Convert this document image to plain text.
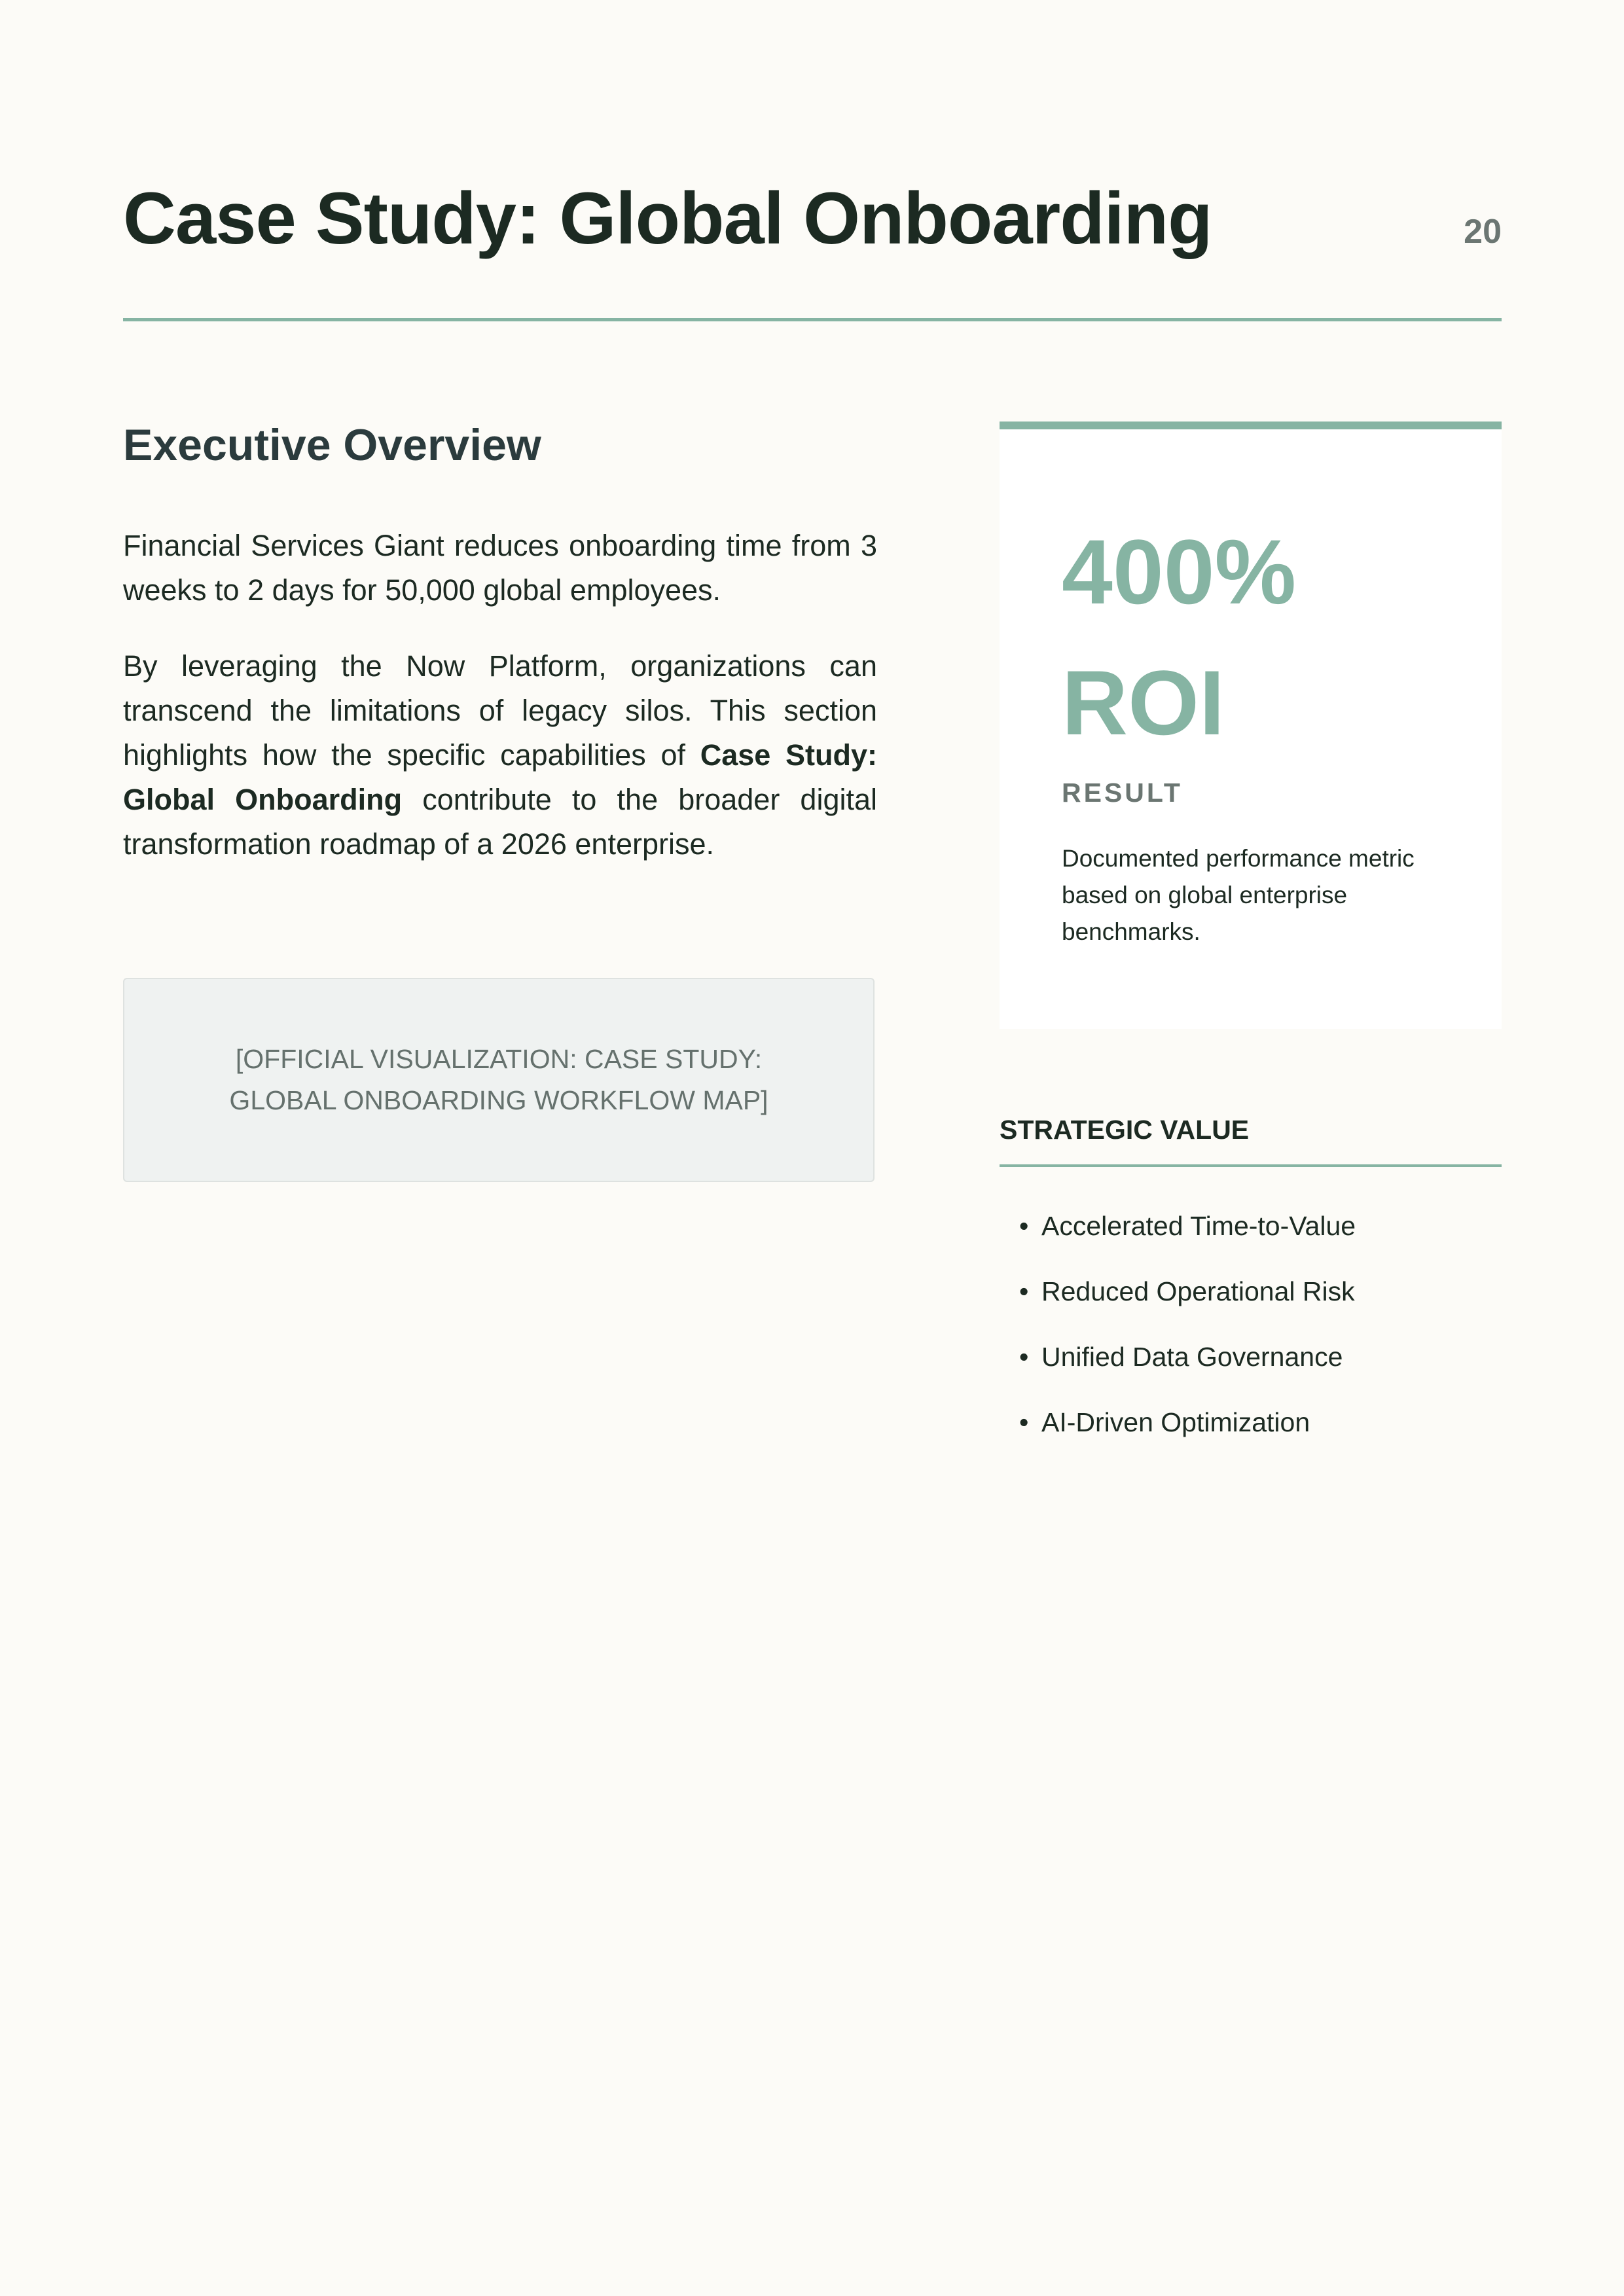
Case Study: Global Onboarding	20
Executive Overview

Financial Services Giant reduces onboarding time from 3 weeks to 2 days for 50,000 global employees.

By leveraging the Now Platform, organizations can transcend the limitations of legacy silos. This section highlights how the specific capabilities of Case Study: Global Onboarding contribute to the broader digital transformation roadmap of a 2026 enterprise.

[OFFICIAL VISUALIZATION: CASE STUDY: GLOBAL ONBOARDING WORKFLOW MAP]
400% ROI
RESULT
Documented performance metric based on global enterprise benchmarks.
STRATEGIC VALUE
• Accelerated Time-to-Value
• Reduced Operational Risk
• Unified Data Governance
• AI-Driven Optimization
